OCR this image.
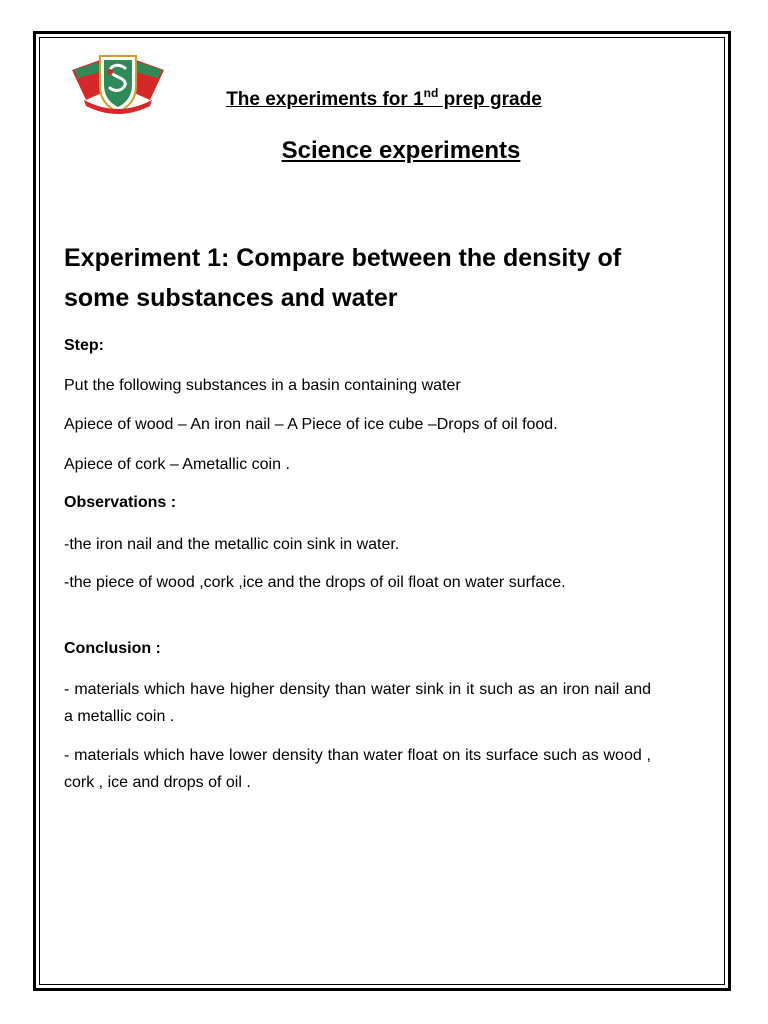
The experiments for 1nd prep grade
Science experiments
Experiment 1: Compare between the density of some substances and water
Step:
Put the following substances in a basin containing water
Apiece of wood – An iron nail – A Piece of ice cube –Drops of oil food.
Apiece of cork – Ametallic coin .
Observations :
-the iron nail and the metallic coin sink in water.
-the piece of wood ,cork ,ice and the drops of oil float on water surface.
Conclusion :
- materials which have higher density than water sink in it such as an iron nail and a metallic coin .
- materials which have lower density than water float on its surface such as wood , cork , ice and drops of oil .
